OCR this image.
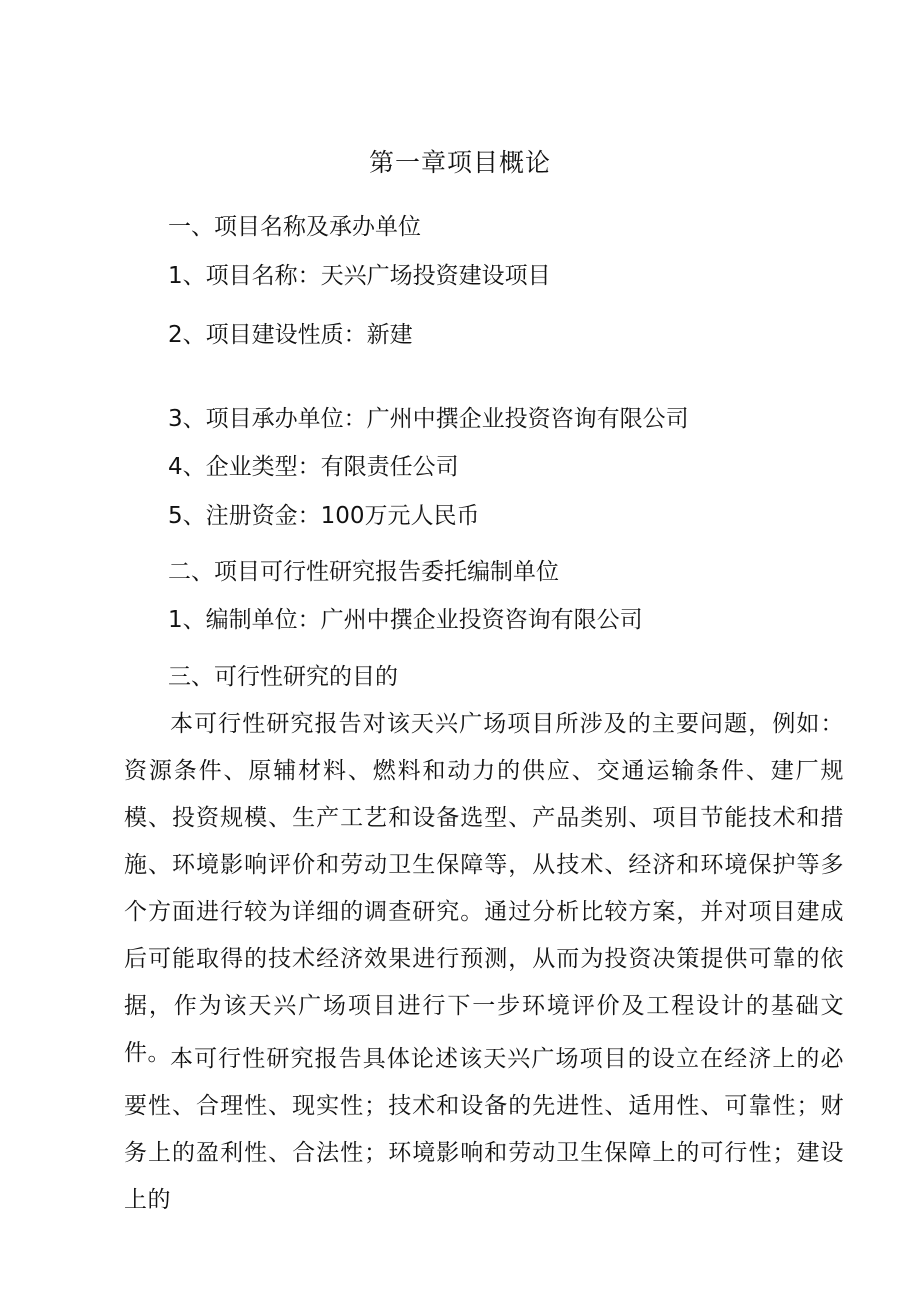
第一章项目概论
一、项目名称及承办单位
1、项目名称：天兴广场投资建设项目
2、项目建设性质：新建
3、项目承办单位：广州中撰企业投资咨询有限公司
4、企业类型：有限责任公司
5、注册资金：100万元人民币
二、项目可行性研究报告委托编制单位
1、编制单位：广州中撰企业投资咨询有限公司
三、可行性研究的目的
本可行性研究报告对该天兴广场项目所涉及的主要问题，例如：资源条件、原辅材料、燃料和动力的供应、交通运输条件、建厂规模、投资规模、生产工艺和设备选型、产品类别、项目节能技术和措施、环境影响评价和劳动卫生保障等，从技术、经济和环境保护等多个方面进行较为详细的调查研究。通过分析比较方案，并对项目建成后可能取得的技术经济效果进行预测，从而为投资决策提供可靠的依据，作为该天兴广场项目进行下一步环境评价及工程设计的基础文件。 本可行性研究报告具体论述该天兴广场项目的设立在经济上的必要性、合理性、现实性；技术和设备的先进性、适用性、可靠性；财务上的盈利性、合法性；环境影响和劳动卫生保障上的可行性；建设上的
